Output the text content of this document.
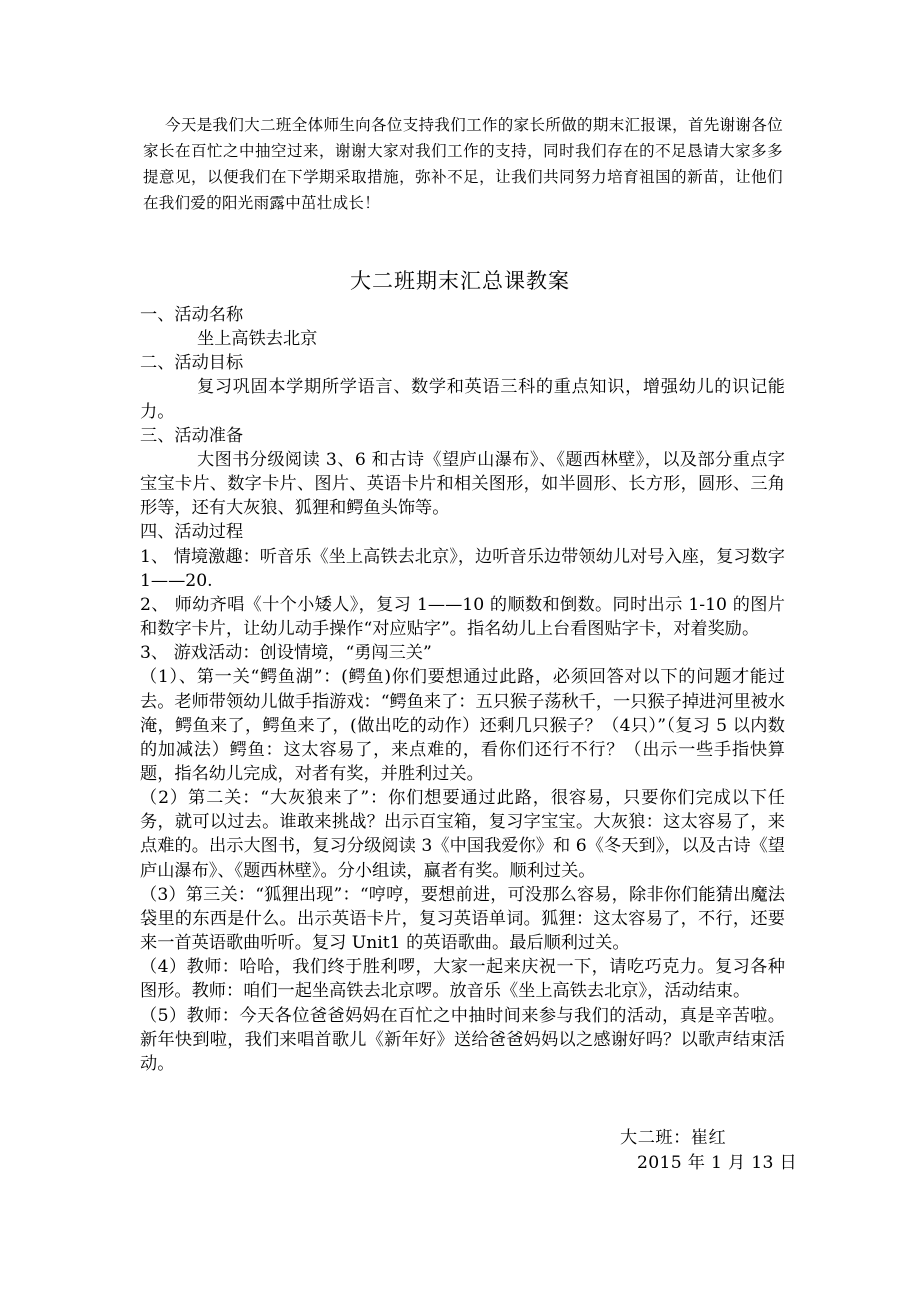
今天是我们大二班全体师生向各位支持我们工作的家长所做的期末汇报课，首先谢谢各位家长在百忙之中抽空过来，谢谢大家对我们工作的支持，同时我们存在的不足恳请大家多多提意见，以便我们在下学期采取措施，弥补不足，让我们共同努力培育祖国的新苗，让他们在我们爱的阳光雨露中茁壮成长！
大二班期末汇总课教案

一、活动名称

坐上高铁去北京

二、活动目标

复习巩固本学期所学语言、数学和英语三科的重点知识，增强幼儿的识记能力。

三、活动准备

大图书分级阅读 3、6 和古诗《望庐山瀑布》、《题西林壁》，以及部分重点字宝宝卡片、数字卡片、图片、英语卡片和相关图形，如半圆形、长方形，圆形、三角形等，还有大灰狼、狐狸和鳄鱼头饰等。

四、活动过程

1、 情境激趣：听音乐《坐上高铁去北京》，边听音乐边带领幼儿对号入座，复习数字 1——20.

2、 师幼齐唱《十个小矮人》，复习 1——10 的顺数和倒数。同时出示 1-10 的图片和数字卡片，让幼儿动手操作“对应贴字”。指名幼儿上台看图贴字卡，对着奖励。

3、 游戏活动：创设情境，“勇闯三关”

（1）、第一关“鳄鱼湖”：(鳄鱼)你们要想通过此路，必须回答对以下的问题才能过去。老师带领幼儿做手指游戏：“鳄鱼来了：五只猴子荡秋千，一只猴子掉进河里被水淹，鳄鱼来了，鳄鱼来了，(做出吃的动作）还剩几只猴子？（4只）”（复习 5 以内数的加减法）鳄鱼：这太容易了，来点难的，看你们还行不行？（出示一些手指快算题，指名幼儿完成，对者有奖，并胜利过关。

（2）第二关：“大灰狼来了”：你们想要通过此路，很容易，只要你们完成以下任务，就可以过去。谁敢来挑战？出示百宝箱，复习字宝宝。大灰狼：这太容易了，来点难的。出示大图书，复习分级阅读 3《中国我爱你》和 6《冬天到》，以及古诗《望庐山瀑布》、《题西林壁》。分小组读，赢者有奖。顺利过关。

（3）第三关：“狐狸出现”：“哼哼，要想前进，可没那么容易，除非你们能猜出魔法袋里的东西是什么。出示英语卡片，复习英语单词。狐狸：这太容易了，不行，还要来一首英语歌曲听听。复习 Unit1 的英语歌曲。最后顺利过关。

（4）教师：哈哈，我们终于胜利啰，大家一起来庆祝一下，请吃巧克力。复习各种图形。教师：咱们一起坐高铁去北京啰。放音乐《坐上高铁去北京》，活动结束。

（5）教师：今天各位爸爸妈妈在百忙之中抽时间来参与我们的活动，真是辛苦啦。新年快到啦，我们来唱首歌儿《新年好》送给爸爸妈妈以之感谢好吗？以歌声结束活动。

大二班：崔红
2015 年 1 月 13 日
